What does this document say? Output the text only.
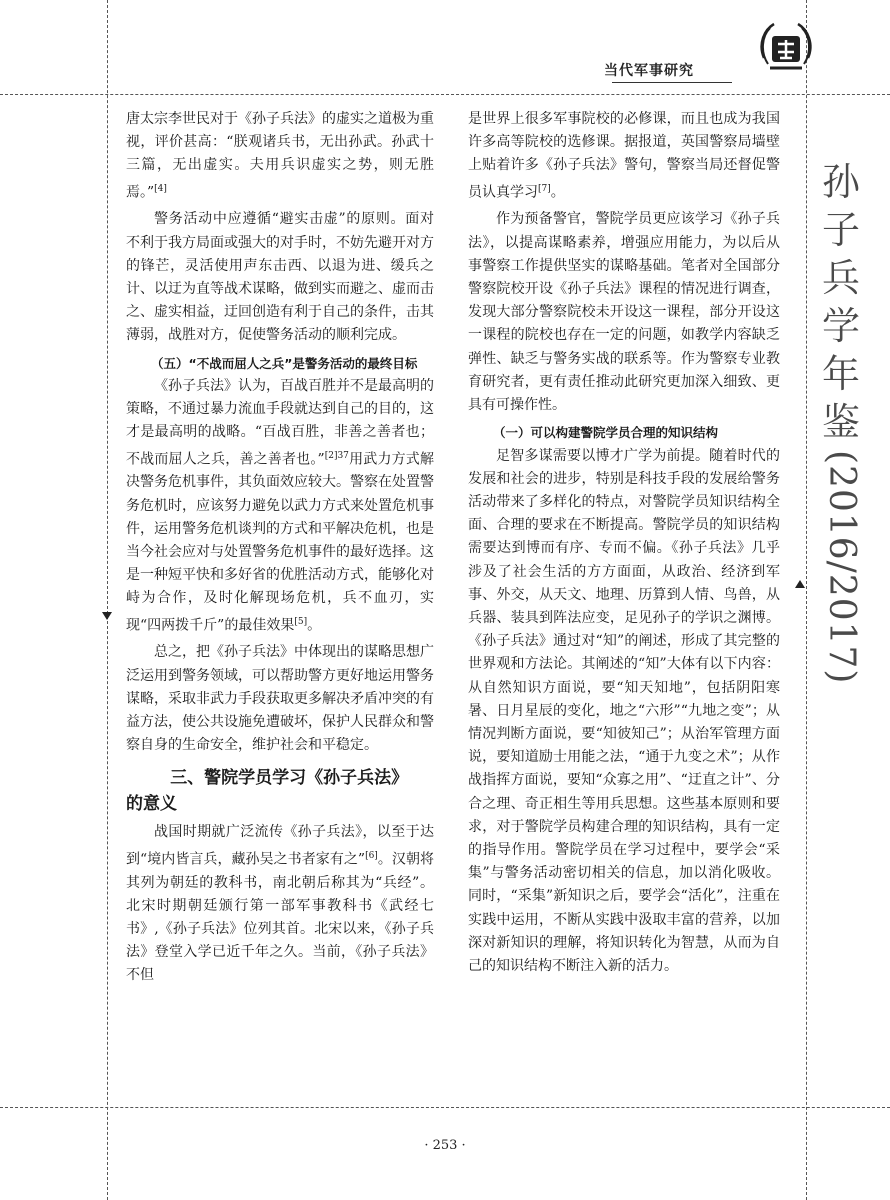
当代军事研究

唐太宗李世民对于《孙子兵法》的虚实之道极为重视，评价甚高：“朕观诸兵书，无出孙武。孙武十三篇，无出虚实。夫用兵识虚实之势，则无胜焉。”[4]

警务活动中应遵循“避实击虚”的原则。面对不利于我方局面或强大的对手时，不妨先避开对方的锋芒，灵活使用声东击西、以退为进、缓兵之计、以迂为直等战术谋略，做到实而避之、虚而击之、虚实相益，迂回创造有利于自己的条件，击其薄弱，战胜对方，促使警务活动的顺利完成。

（五）“不战而屈人之兵”是警务活动的最终目标

《孙子兵法》认为，百战百胜并不是最高明的策略，不通过暴力流血手段就达到自己的目的，这才是最高明的战略。“百战百胜，非善之善者也；不战而屈人之兵，善之善者也。”$^{[2]37}$用武力方式解决警务危机事件，其负面效应较大。警察在处置警务危机时，应该努力避免以武力方式来处置危机事件，运用警务危机谈判的方式和平解决危机，也是当今社会应对与处置警务危机事件的最好选择。这是一种短平快和多好省的优胜活动方式，能够化对峙为合作，及时化解现场危机，兵不血刃，实现“四两拨千斤”的最佳效果[5]。

总之，把《孙子兵法》中体现出的谋略思想广泛运用到警务领域，可以帮助警方更好地运用警务谋略，采取非武力手段获取更多解决矛盾冲突的有益方法，使公共设施免遭破坏，保护人民群众和警察自身的生命安全，维护社会和平稳定。

三、警院学员学习《孙子兵法》
的意义

战国时期就广泛流传《孙子兵法》，以至于达到“境内皆言兵，藏孙吴之书者家有之”[6]。汉朝将其列为朝廷的教科书，南北朝后称其为“兵经”。北宋时期朝廷颁行第一部军事教科书《武经七书》,《孙子兵法》位列其首。北宋以来，《孙子兵法》登堂入学已近千年之久。当前，《孙子兵法》不但

是世界上很多军事院校的必修课，而且也成为我国许多高等院校的选修课。据报道，英国警察局墙壁上贴着许多《孙子兵法》警句，警察当局还督促警员认真学习[7]。

作为预备警官，警院学员更应该学习《孙子兵法》，以提高谋略素养，增强应用能力，为以后从事警察工作提供坚实的谋略基础。笔者对全国部分警察院校开设《孙子兵法》课程的情况进行调查，发现大部分警察院校未开设这一课程，部分开设这一课程的院校也存在一定的问题，如教学内容缺乏弹性、缺乏与警务实战的联系等。作为警察专业教育研究者，更有责任推动此研究更加深入细致、更具有可操作性。

（一）可以构建警院学员合理的知识结构

足智多谋需要以博才广学为前提。随着时代的发展和社会的进步，特别是科技手段的发展给警务活动带来了多样化的特点，对警院学员知识结构全面、合理的要求在不断提高。警院学员的知识结构需要达到博而有序、专而不偏。《孙子兵法》几乎涉及了社会生活的方方面面，从政治、经济到军事、外交，从天文、地理、历算到人情、鸟兽，从兵器、装具到阵法应变，足见孙子的学识之渊博。《孙子兵法》通过对“知”的阐述，形成了其完整的世界观和方法论。其阐述的“知”大体有以下内容：从自然知识方面说，要“知天知地”，包括阴阳寒暑、日月星辰的变化，地之“六形”“九地之变”；从情况判断方面说，要“知彼知己”；从治军管理方面说，要知道励士用能之法，“通于九变之术”；从作战指挥方面说，要知“众寡之用”、“迂直之计”、分合之理、奇正相生等用兵思想。这些基本原则和要求，对于警院学员构建合理的知识结构，具有一定的指导作用。警院学员在学习过程中，要学会“采集”与警务活动密切相关的信息，加以消化吸收。同时，“采集”新知识之后，要学会“活化”，注重在实践中运用，不断从实践中汲取丰富的营养，以加深对新知识的理解，将知识转化为智慧，从而为自己的知识结构不断注入新的活力。

孙
子
兵
学
年
鉴
(2016/2017)
· 253 ·
